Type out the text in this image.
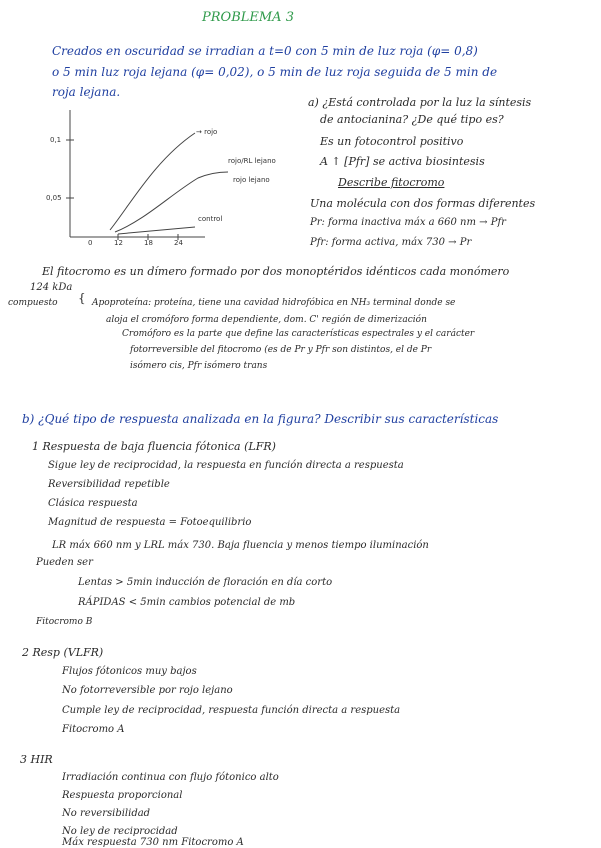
PROBLEMA 3
Creados en oscuridad se irradian a t=0 con 5 min de luz roja (φ= 0,8)
o 5 min luz roja lejana (φ= 0,02), o 5 min de luz roja seguida de 5 min de
roja lejana.
a) ¿Está controlada por la luz la síntesis
de antocianina? ¿De qué tipo es?
Es un fotocontrol positivo
A ↑ [Pfr] se activa biosintesis
Describe fitocromo
Una molécula con dos formas diferentes
Pr: forma inactiva máx a 660 nm → Pfr
Pfr: forma activa, máx 730 → Pr
0,1
0,05
0	12	18	24
→ rojo
rojo/RL lejano
rojo lejano
control
El fitocromo es un dímero formado por dos monoptéridos idénticos cada monómero
124 kDa
compuesto { Apoproteína: proteína, tiene una cavidad hidrofóbica en NH₃ terminal donde se
aloja el cromóforo forma dependiente, dom. C' región de dimerización
Cromóforo es la parte que define las características espectrales y el carácter
fotorreversible del fitocromo (es de Pr y Pfr son distintos, el de Pr
isómero cis, Pfr isómero trans
b) ¿Qué tipo de respuesta analizada en la figura? Describir sus características
1 Respuesta de baja fluencia fótonica (LFR)
Sigue ley de reciprocidad, la respuesta en función directa a respuesta
Reversibilidad repetible
Clásica respuesta
Magnitud de respuesta = Fotoequilibrio
LR máx 660 nm y LRL máx 730. Baja fluencia y menos tiempo iluminación
Pueden ser
Lentas > 5min inducción de floración en día corto
RÁPIDAS < 5min cambios potencial de mb
Fitocromo B
2 Resp (VLFR)
Flujos fótonicos muy bajos
No fotorreversible por rojo lejano
Cumple ley de reciprocidad, respuesta función directa a respuesta
Fitocromo A
3 HIR
Irradiación continua con flujo fótonico alto
Respuesta proporcional
No reversibilidad
No ley de reciprocidad
Máx respuesta 730 nm Fitocromo A
